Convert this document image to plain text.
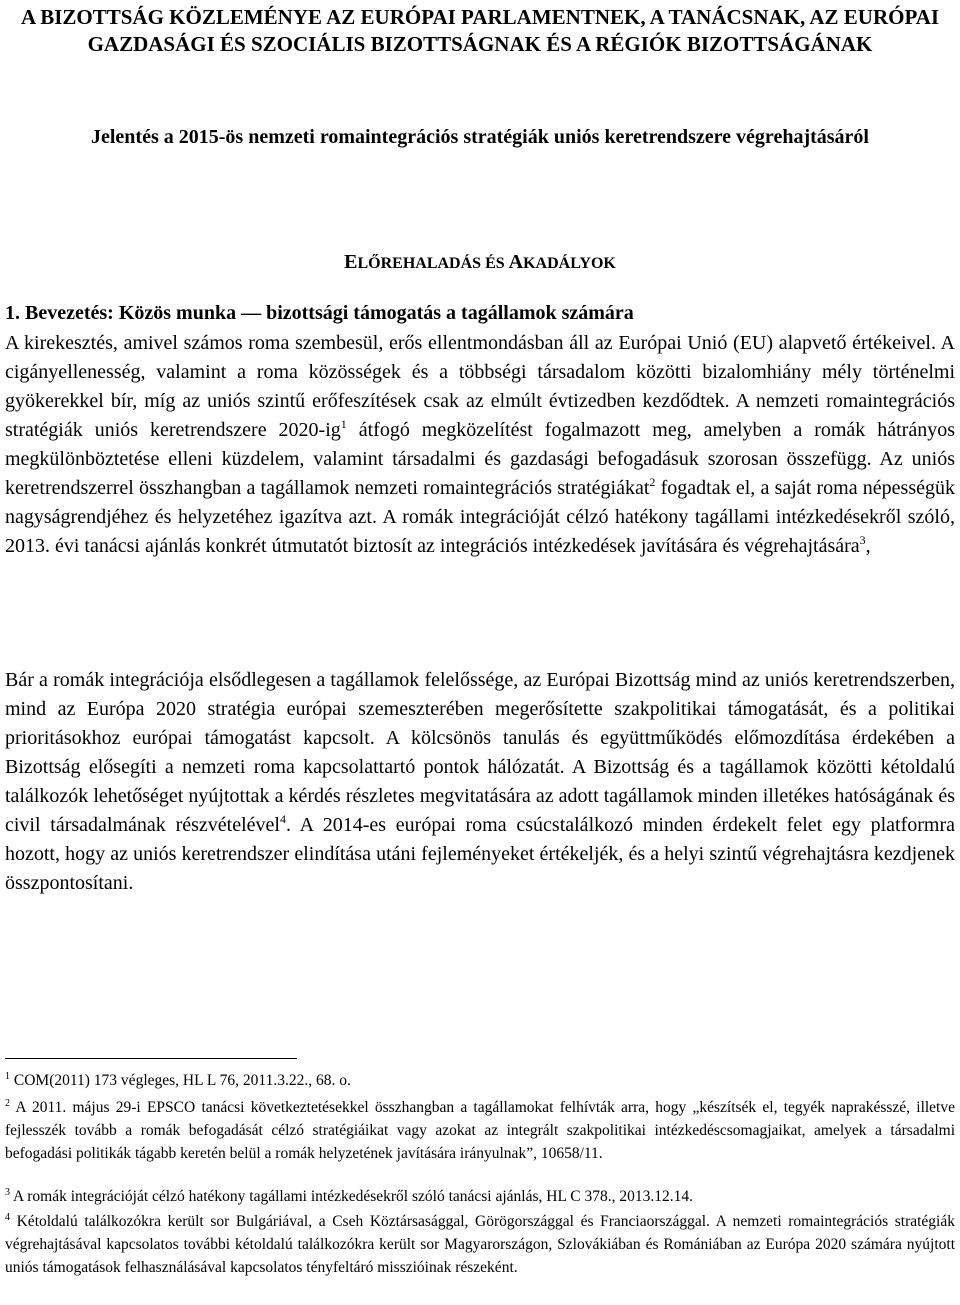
A BIZOTTSÁG KÖZLEMÉNYE AZ EURÓPAI PARLAMENTNEK, A TANÁCSNAK, AZ EURÓPAI GAZDASÁGI ÉS SZOCIÁLIS BIZOTTSÁGNAK ÉS A RÉGIÓK BIZOTTSÁGÁNAK
Jelentés a 2015-ös nemzeti romaintegrációs stratégiák uniós keretrendszere végrehajtásáról
ELŐREHALADÁS ÉS AKADÁLYOK
1. Bevezetés: Közös munka — bizottsági támogatás a tagállamok számára
A kirekesztés, amivel számos roma szembesül, erős ellentmondásban áll az Európai Unió (EU) alapvető értékeivel. A cigányellenesség, valamint a roma közösségek és a többségi társadalom közötti bizalomhiány mély történelmi gyökerekkel bír, míg az uniós szintű erőfeszítések csak az elmúlt évtizedben kezdődtek. A nemzeti romaintegrációs stratégiák uniós keretrendszere $2020-ig^1$ átfogó megközelítést fogalmazott meg, amelyben a romák hátrányos megkülönböztetése elleni küzdelem, valamint társadalmi és gazdasági befogadásuk szorosan összefügg. Az uniós keretrendszerrel összhangban a tagállamok nemzeti romaintegrációs stratégiákat$^2$ fogadtak el, a saját roma népességük nagyságrendjéhez és helyzetéhez igazítva azt. A romák integrációját célzó hatékony tagállami intézkedésekről szóló, 2013. évi tanácsi ajánlás konkrét útmutatót biztosít az integrációs intézkedések javítására és végrehajtására$^3$,
Bár a romák integrációja elsődlegesen a tagállamok felelőssége, az Európai Bizottság mind az uniós keretrendszerben, mind az Európa 2020 stratégia európai szemeszterében megerősítette szakpolitikai támogatását, és a politikai prioritásokhoz európai támogatást kapcsolt. A kölcsönös tanulás és együttműködés előmozdítása érdekében a Bizottság elősegíti a nemzeti roma kapcsolattartó pontok hálózatát. A Bizottság és a tagállamok közötti kétoldalú találkozók lehetőséget nyújtottak a kérdés részletes megvitatására az adott tagállamok minden illetékes hatóságának és civil társadalmának részvételével$^4$. A 2014-es európai roma csúcstalálkozó minden érdekelt felet egy platformra hozott, hogy az uniós keretrendszer elindítása utáni fejleményeket értékeljék, és a helyi szintű végrehajtásra kezdjenek összpontosítani.
$^1$ COM(2011) 173 végleges, HL L 76, 2011.3.22., 68. o.
$^2$ A 2011. május 29-i EPSCO tanácsi következtetésekkel összhangban a tagállamokat felhívták arra, hogy „készítsék el, tegyék naprakésszé, illetve fejlesszék tovább a romák befogadását célzó stratégiáikat vagy azokat az integrált szakpolitikai intézkedéscsomagjaikat, amelyek a társadalmi befogadási politikák tágabb keretén belül a romák helyzetének javítására irányulnak”, 10658/11.
$^3$ A romák integrációját célzó hatékony tagállami intézkedésekről szóló tanácsi ajánlás, HL C 378., 2013.12.14.
$^4$ Kétoldalú találkozókra került sor Bulgáriával, a Cseh Köztársasággal, Görögországgal és Franciaországgal. A nemzeti romaintegrációs stratégiák végrehajtásával kapcsolatos további kétoldalú találkozókra került sor Magyarországon, Szlovákiában és Romániában az Európa 2020 számára nyújtott uniós támogatások felhasználásával kapcsolatos tényfeltáró misszióinak részeként.
